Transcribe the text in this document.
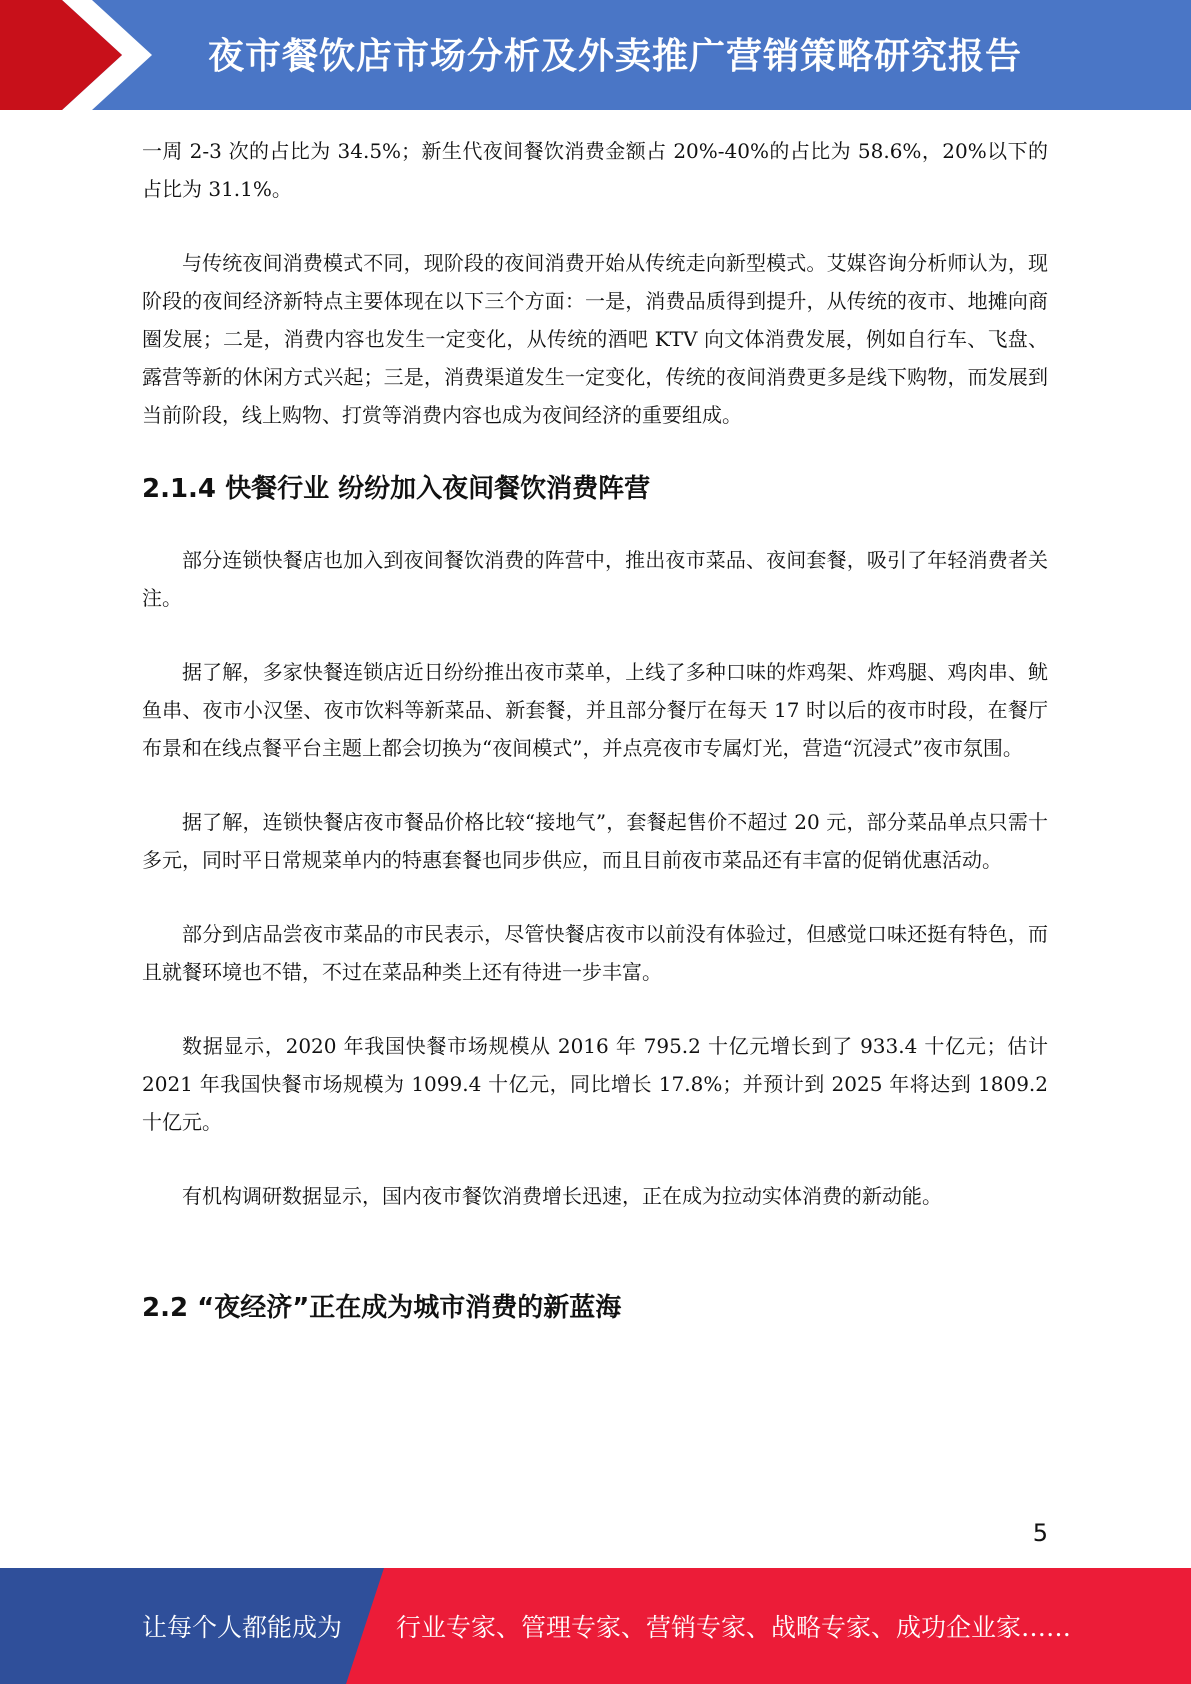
夜市餐饮店市场分析及外卖推广营销策略研究报告

一周 2-3 次的占比为 34.5%；新生代夜间餐饮消费金额占 20%-40%的占比为 58.6%，20%以下的占比为 31.1%。

与传统夜间消费模式不同，现阶段的夜间消费开始从传统走向新型模式。艾媒咨询分析师认为，现阶段的夜间经济新特点主要体现在以下三个方面：一是，消费品质得到提升，从传统的夜市、地摊向商圈发展；二是，消费内容也发生一定变化，从传统的酒吧 KTV 向文体消费发展，例如自行车、飞盘、露营等新的休闲方式兴起；三是，消费渠道发生一定变化，传统的夜间消费更多是线下购物，而发展到当前阶段，线上购物、打赏等消费内容也成为夜间经济的重要组成。

2.1.4 快餐行业 纷纷加入夜间餐饮消费阵营

部分连锁快餐店也加入到夜间餐饮消费的阵营中，推出夜市菜品、夜间套餐，吸引了年轻消费者关注。

据了解，多家快餐连锁店近日纷纷推出夜市菜单，上线了多种口味的炸鸡架、炸鸡腿、鸡肉串、鱿鱼串、夜市小汉堡、夜市饮料等新菜品、新套餐，并且部分餐厅在每天 17 时以后的夜市时段，在餐厅布景和在线点餐平台主题上都会切换为“夜间模式”，并点亮夜市专属灯光，营造“沉浸式”夜市氛围。

据了解，连锁快餐店夜市餐品价格比较“接地气”，套餐起售价不超过 20 元，部分菜品单点只需十多元，同时平日常规菜单内的特惠套餐也同步供应，而且目前夜市菜品还有丰富的促销优惠活动。

部分到店品尝夜市菜品的市民表示，尽管快餐店夜市以前没有体验过，但感觉口味还挺有特色，而且就餐环境也不错，不过在菜品种类上还有待进一步丰富。

数据显示，2020 年我国快餐市场规模从 2016 年 795.2 十亿元增长到了 933.4 十亿元；估计 2021 年我国快餐市场规模为 1099.4 十亿元，同比增长 17.8%；并预计到 2025 年将达到 1809.2 十亿元。

有机构调研数据显示，国内夜市餐饮消费增长迅速，正在成为拉动实体消费的新动能。

2.2 “夜经济”正在成为城市消费的新蓝海
5
让每个人都能成为 行业专家、管理专家、营销专家、战略专家、成功企业家……
